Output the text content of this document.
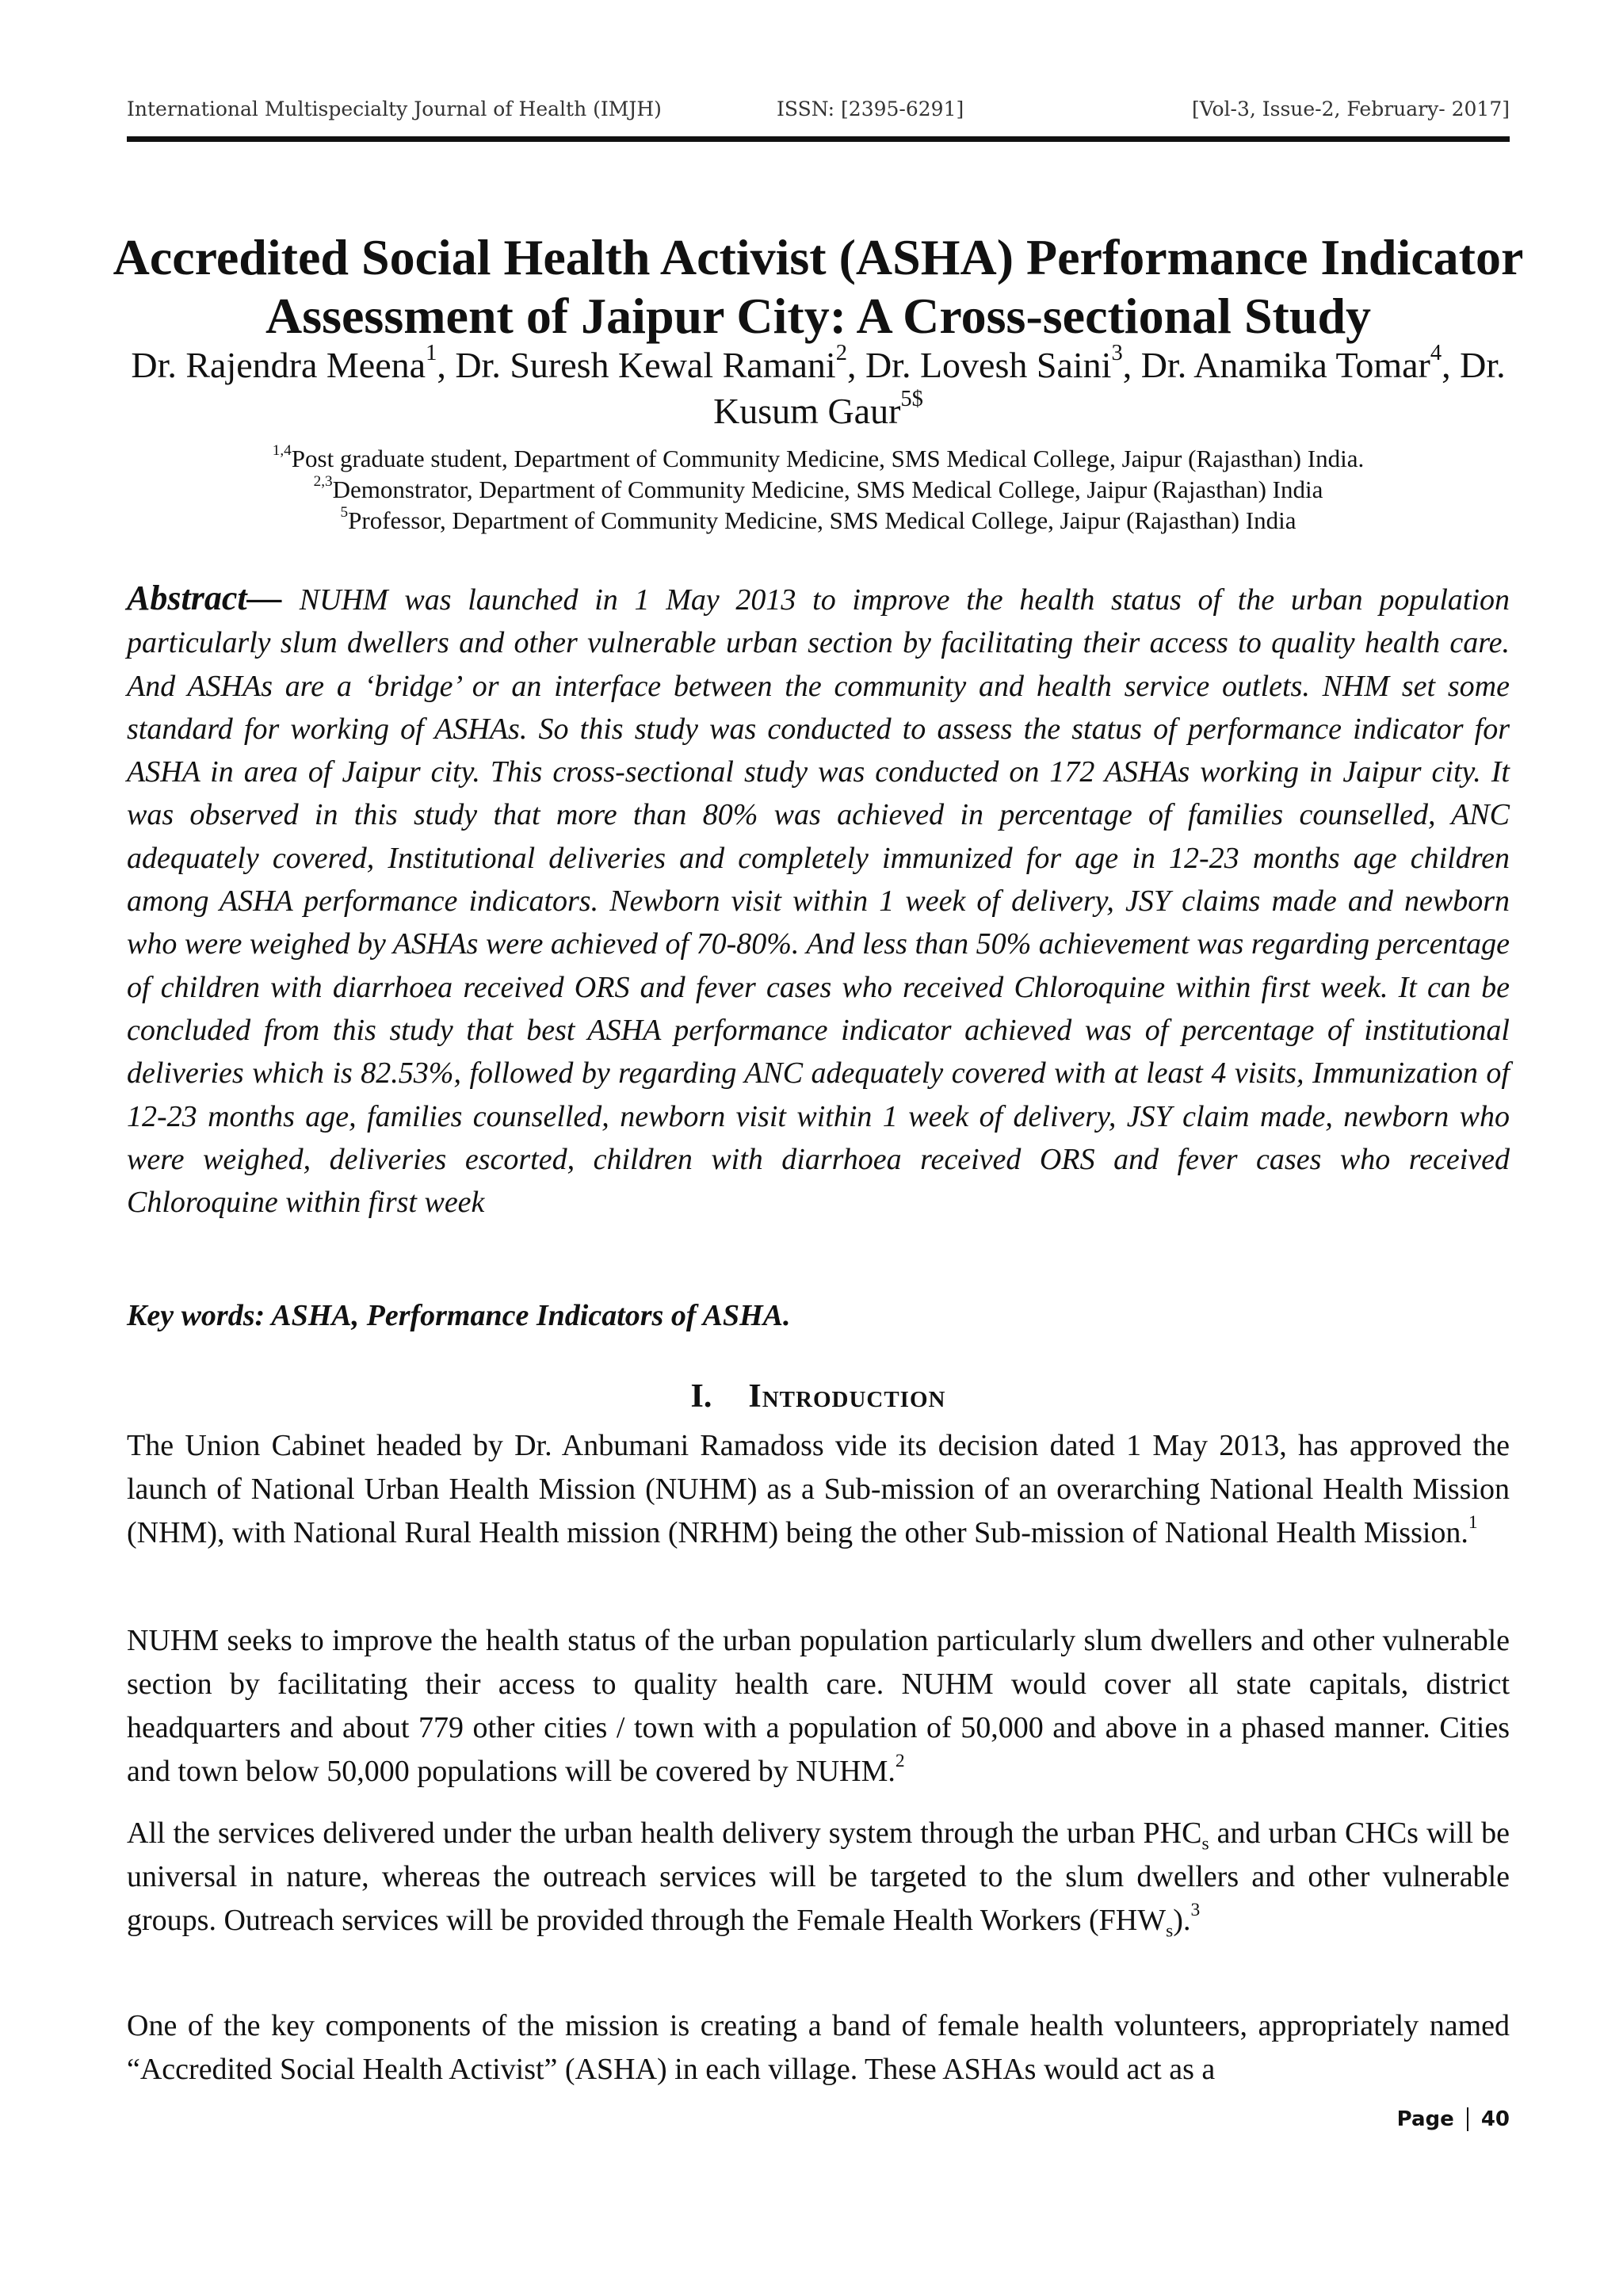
International Multispecialty Journal of Health (IMJH)	ISSN: [2395-6291]	[Vol-3, Issue-2, February- 2017]
Accredited Social Health Activist (ASHA) Performance Indicator Assessment of Jaipur City: A Cross-sectional Study

Dr. Rajendra Meena$^1$, Dr. Suresh Kewal Ramani$^2$, Dr. Lovesh Saini$^3$, Dr. Anamika Tomar$^4$, Dr. Kusum Gaur$^{5\$}$

$^{1,4}$Post graduate student, Department of Community Medicine, SMS Medical College, Jaipur (Rajasthan) India.
$^{2,3}$Demonstrator, Department of Community Medicine, SMS Medical College, Jaipur (Rajasthan) India
$^5$Professor, Department of Community Medicine, SMS Medical College, Jaipur (Rajasthan) India

Abstract— NUHM was launched in 1 May 2013 to improve the health status of the urban population particularly slum dwellers and other vulnerable urban section by facilitating their access to quality health care. And ASHAs are a ‘bridge’ or an interface between the community and health service outlets. NHM set some standard for working of ASHAs. So this study was conducted to assess the status of performance indicator for ASHA in area of Jaipur city. This cross-sectional study was conducted on 172 ASHAs working in Jaipur city. It was observed in this study that more than 80% was achieved in percentage of families counselled, ANC adequately covered, Institutional deliveries and completely immunized for age in 12-23 months age children among ASHA performance indicators. Newborn visit within 1 week of delivery, JSY claims made and newborn who were weighed by ASHAs were achieved of 70-80%. And less than 50% achievement was regarding percentage of children with diarrhoea received ORS and fever cases who received Chloroquine within first week. It can be concluded from this study that best ASHA performance indicator achieved was of percentage of institutional deliveries which is 82.53%, followed by regarding ANC adequately covered with at least 4 visits, Immunization of 12-23 months age, families counselled, newborn visit within 1 week of delivery, JSY claim made, newborn who were weighed, deliveries escorted, children with diarrhoea received ORS and fever cases who received Chloroquine within first week

Key words: ASHA, Performance Indicators of ASHA.

I. Introduction

The Union Cabinet headed by Dr. Anbumani Ramadoss vide its decision dated 1 May 2013, has approved the launch of National Urban Health Mission (NUHM) as a Sub-mission of an overarching National Health Mission (NHM), with National Rural Health mission (NRHM) being the other Sub-mission of National Health Mission.$^1$

NUHM seeks to improve the health status of the urban population particularly slum dwellers and other vulnerable section by facilitating their access to quality health care. NUHM would cover all state capitals, district headquarters and about 779 other cities / town with a population of 50,000 and above in a phased manner. Cities and town below 50,000 populations will be covered by NUHM.$^2$

All the services delivered under the urban health delivery system through the urban $PHC_s$ and urban CHCs will be universal in nature, whereas the outreach services will be targeted to the slum dwellers and other vulnerable groups. Outreach services will be provided through the Female Health Workers $(FHW_s).^3$

One of the key components of the mission is creating a band of female health volunteers, appropriately named “Accredited Social Health Activist” (ASHA) in each village. These ASHAs would act as a

Page 40
